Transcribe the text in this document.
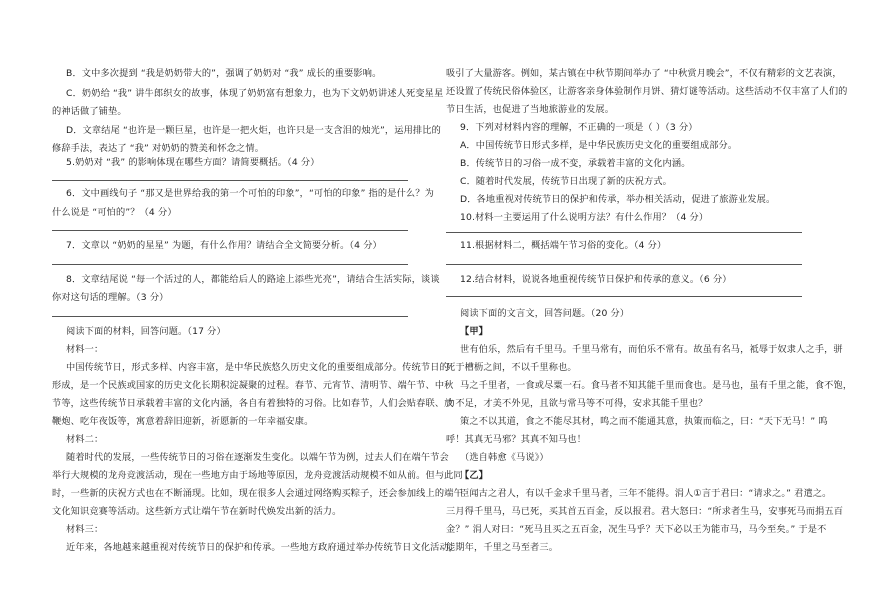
B．文中多次提到 “我是奶奶带大的”，强调了奶奶对 “我” 成长的重要影响。
C．奶奶给 “我” 讲牛郎织女的故事，体现了奶奶富有想象力，也为下文奶奶讲述人死变星星
的神话做了铺垫。
D．文章结尾 “也许是一颗巨星，也许是一把火炬，也许只是一支含泪的烛光”，运用排比的
修辞手法，表达了 “我” 对奶奶的赞美和怀念之情。
5.奶奶对 “我” 的影响体现在哪些方面？请简要概括。（4 分）
6．文中画线句子 “那又是世界给我的第一个可怕的印象”，“可怕的印象” 指的是什么？为
什么说是 “可怕的”？（4 分）
7．文章以 “奶奶的星星” 为题，有什么作用？请结合全文简要分析。（4 分）
8．文章结尾说 “每一个活过的人，都能给后人的路途上添些光亮”，请结合生活实际，谈谈
你对这句话的理解。（3 分）
阅读下面的材料，回答问题。（17 分）
材料一：
中国传统节日，形式多样、内容丰富，是中华民族悠久历史文化的重要组成部分。传统节日的
形成，是一个民族或国家的历史文化长期积淀凝聚的过程。春节、元宵节、清明节、端午节、中秋
节等，这些传统节日承载着丰富的文化内涵，各自有着独特的习俗。比如春节，人们会贴春联、放
鞭炮、吃年夜饭等，寓意着辞旧迎新，祈愿新的一年幸福安康。
材料二：
随着时代的发展，一些传统节日的习俗在逐渐发生变化。以端午节为例，过去人们在端午节会
举行大规模的龙舟竞渡活动，现在一些地方由于场地等原因，龙舟竞渡活动规模不如从前。但与此同
时，一些新的庆祝方式也在不断涌现。比如，现在很多人会通过网络购买粽子，还会参加线上的端午
文化知识竞赛等活动。这些新方式让端午节在新时代焕发出新的活力。
材料三：
近年来，各地越来越重视对传统节日的保护和传承。一些地方政府通过举办传统节日文化活动，
吸引了大量游客。例如，某古镇在中秋节期间举办了 “中秋赏月晚会”，不仅有精彩的文艺表演，
还设置了传统民俗体验区，让游客亲身体验制作月饼、猜灯谜等活动。这些活动不仅丰富了人们的
节日生活，也促进了当地旅游业的发展。
9．下列对材料内容的理解，不正确的一项是（ ）（3 分）
A．中国传统节日形式多样，是中华民族历史文化的重要组成部分。
B．传统节日的习俗一成不变，承载着丰富的文化内涵。
C．随着时代发展，传统节日出现了新的庆祝方式。
D．各地重视对传统节日的保护和传承，举办相关活动，促进了旅游业发展。
10.材料一主要运用了什么说明方法？有什么作用？（4 分）
11.根据材料二，概括端午节习俗的变化。（4 分）
12.结合材料，说说各地重视传统节日保护和传承的意义。（6 分）
阅读下面的文言文，回答问题。（20 分）
【甲】
世有伯乐，然后有千里马。千里马常有，而伯乐不常有。故虽有名马，祗辱于奴隶人之手，骈
死于槽枥之间，不以千里称也。
马之千里者，一食或尽粟一石。食马者不知其能千里而食也。是马也，虽有千里之能，食不饱，
力不足，才美不外见，且欲与常马等不可得，安求其能千里也？
策之不以其道，食之不能尽其材，鸣之而不能通其意，执策而临之，曰：“天下无马！” 呜
呼！其真无马邪？其真不知马也！
（选自韩愈《马说》）
【乙】
臣闻古之君人，有以千金求千里马者，三年不能得。涓人①言于君曰：“请求之。” 君遣之。
三月得千里马，马已死，买其首五百金，反以报君。君大怒曰：“所求者生马，安事死马而捐五百
金？” 涓人对曰：“死马且买之五百金，况生马乎？天下必以王为能市马，马今至矣。” 于是不
能期年，千里之马至者三。
